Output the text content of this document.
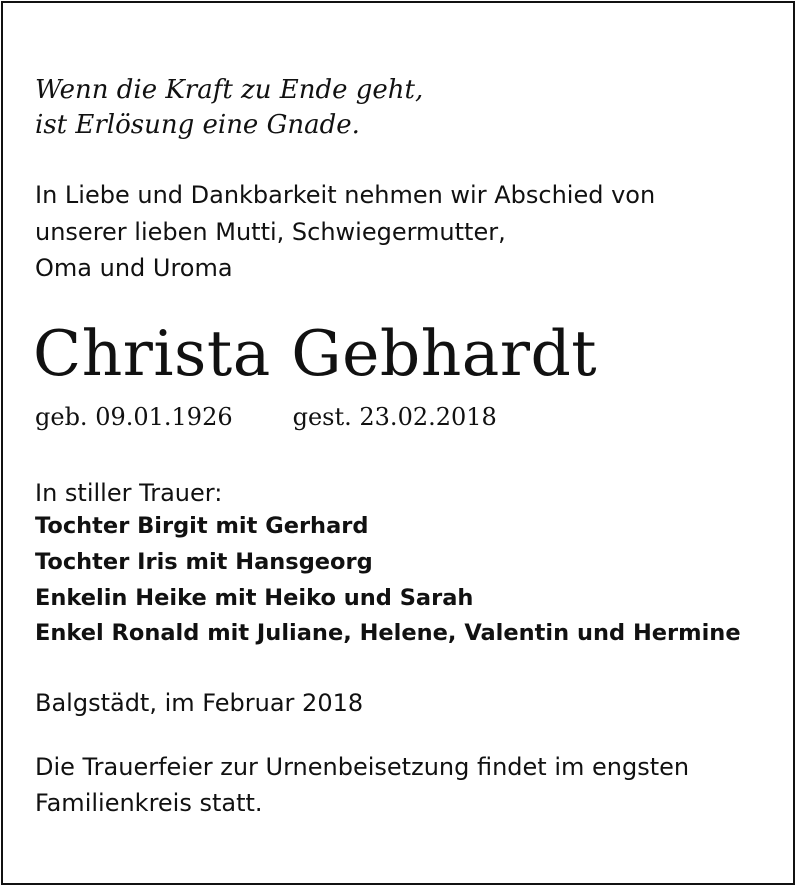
Wenn die Kraft zu Ende geht,
ist Erlösung eine Gnade.
In Liebe und Dankbarkeit nehmen wir Abschied von
unserer lieben Mutti, Schwiegermutter,
Oma und Uroma
Christa Gebhardt
geb. 09.01.1926	gest. 23.02.2018
In stiller Trauer:
Tochter Birgit mit Gerhard
Tochter Iris mit Hansgeorg
Enkelin Heike mit Heiko und Sarah
Enkel Ronald mit Juliane, Helene, Valentin und Hermine
Balgstädt, im Februar 2018
Die Trauerfeier zur Urnenbeisetzung findet im engsten
Familienkreis statt.
